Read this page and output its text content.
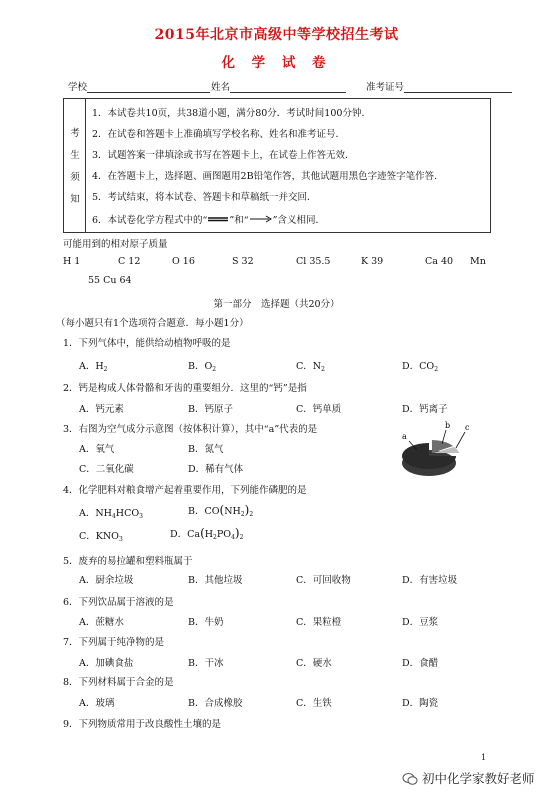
2015年北京市高级中等学校招生考试
化 学 试 卷
学校	姓名	准考证号
考
生
须
知
1．本试卷共10页，共38道小题，满分80分．考试时间100分钟．
2．在试卷和答题卡上准确填写学校名称、姓名和准考证号．
3．试题答案一律填涂或书写在答题卡上，在试卷上作答无效．
4．在答题卡上，选择题、画图题用2B铅笔作答，其他试题用黑色字迹签字笔作答．
5．考试结束，将本试卷、答题卡和草稿纸一并交回．
6．本试卷化学方程式中的“ ”和“	”含义相同．
可能用到的相对原子质量
H 1	C 12	O 16	S 32	Cl 35.5	K 39	Ca 40 Mn
55 Cu 64
第一部分　选择题（共20分）
（每小题只有1个选项符合题意．每小题1分）
1．下列气体中，能供给动植物呼吸的是
A．$H_2$	B．$O_2$	C．$N_2$	D．$CO_2$
2．钙是构成人体骨骼和牙齿的重要组分．这里的“钙”是指
A．钙元素	B．钙原子	C．钙单质	D．钙离子
3．右图为空气成分示意图（按体积计算），其中“a”代表的是
A．氧气	B．氮气
C．二氧化碳	D．稀有气体
a
b c
4．化学肥料对粮食增产起着重要作用，下列能作磷肥的是
A．$NH_4HCO_3$	B．$CO(NH_2)_2$
C．$KNO_3$	D．$Ca(H_2PO_4)_2$
5．废弃的易拉罐和塑料瓶属于
A．厨余垃圾	B．其他垃圾	C．可回收物	D．有害垃圾
6．下列饮品属于溶液的是
A．蔗糖水	B．牛奶	C．果粒橙	D．豆浆
7．下列属于纯净物的是
A．加碘食盐	B．干冰	C．硬水	D．食醋
8．下列材料属于合金的是
A．玻璃	B．合成橡胶	C．生铁	D．陶瓷
9．下列物质常用于改良酸性土壤的是
1
初中化学家教好老师
